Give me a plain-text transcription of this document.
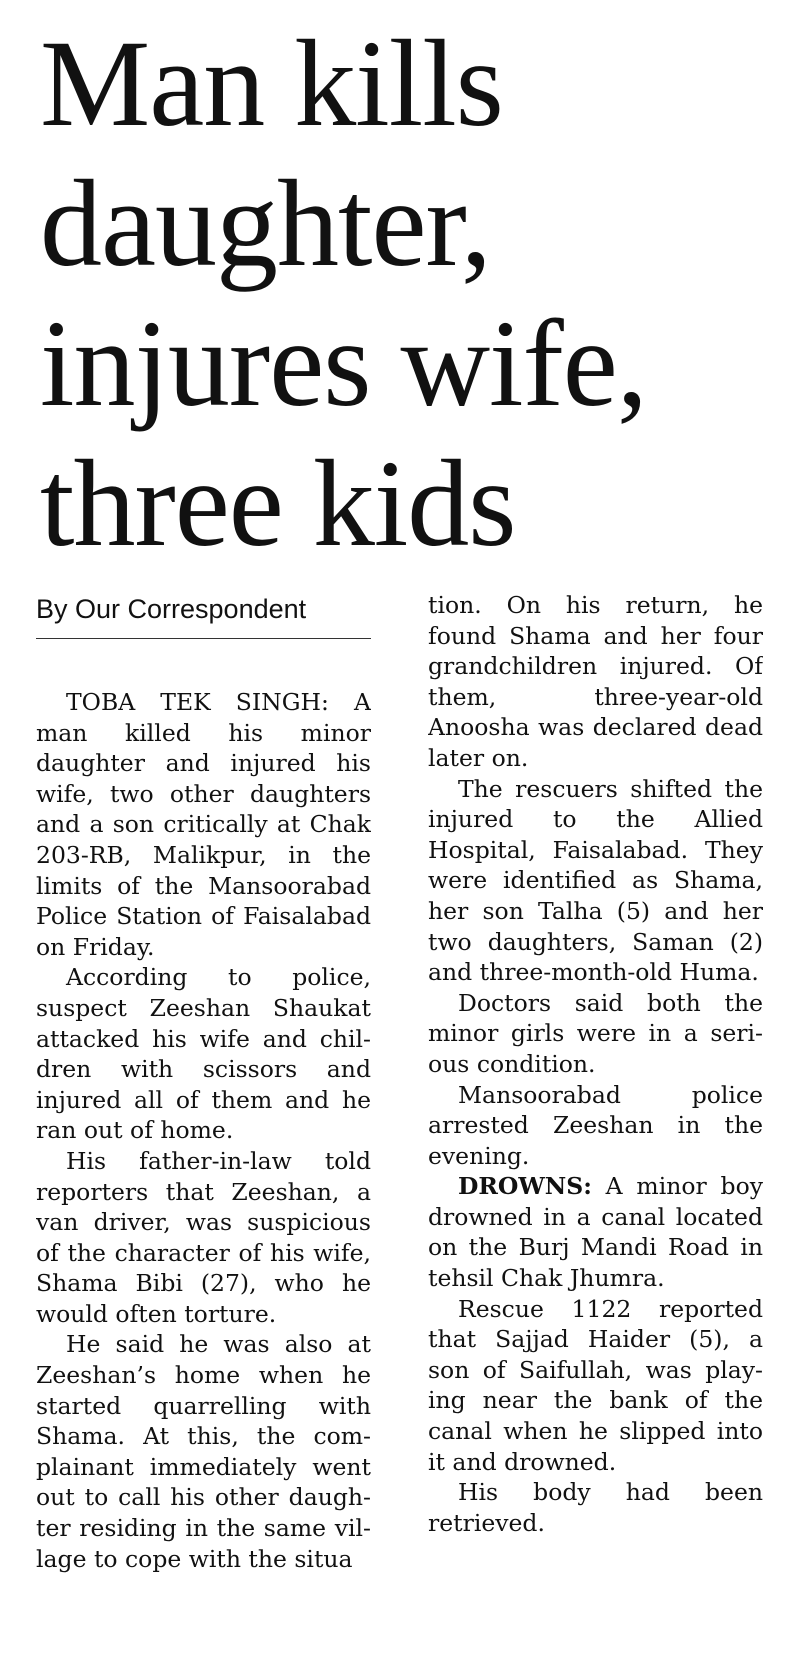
Man kills
daughter,
injures wife,
three kids
By Our Correspondent

TOBA TEK SINGH: A man killed his minor daughter and injured his wife, two other daughters and a son critically at Chak 203-RB, Malikpur, in the limits of the Mansoorabad Police Station of Faisalabad on Friday.

According to police, suspect Zeeshan Shaukat attacked his wife and children with scissors and injured all of them and he ran out of home.

His father-in-law told reporters that Zeeshan, a van driver, was suspicious of the character of his wife, Shama Bibi (27), who he would often torture.

He said he was also at Zeeshan’s home when he started quarrelling with Shama. At this, the complainant immediately went out to call his other daughter residing in the same village to cope with the situa

tion. On his return, he found Shama and her four grandchildren injured. Of them, three-year-old Anoosha was declared dead later on.

The rescuers shifted the injured to the Allied Hospital, Faisalabad. They were identified as Shama, her son Talha (5) and her two daughters, Saman (2) and three-month-old Huma.

Doctors said both the minor girls were in a serious condition.

Mansoorabad police arrested Zeeshan in the evening.

DROWNS: A minor boy drowned in a canal located on the Burj Mandi Road in tehsil Chak Jhumra.

Rescue 1122 reported that Sajjad Haider (5), a son of Saifullah, was playing near the bank of the canal when he slipped into it and drowned.

His body had been retrieved.
